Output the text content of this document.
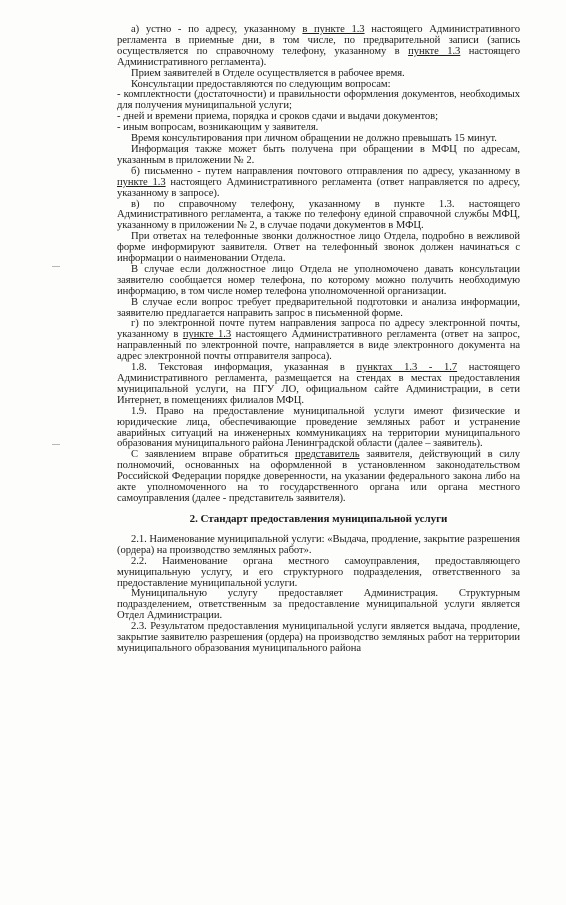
а) устно - по адресу, указанному в пункте 1.3 настоящего Административного регламента в приемные дни, в том числе, по предварительной записи (запись осуществляется по справочному телефону, указанному в пункте 1.3 настоящего Административного регламента).

Прием заявителей в Отделе осуществляется в рабочее время.

Консультации предоставляются по следующим вопросам:

- комплектности (достаточности) и правильности оформления документов, необходимых для получения муниципальной услуги;

- дней и времени приема, порядка и сроков сдачи и выдачи документов;

- иным вопросам, возникающим у заявителя.

Время консультирования при личном обращении не должно превышать 15 минут.

Информация также может быть получена при обращении в МФЦ по адресам, указанным в приложении № 2.

б) письменно - путем направления почтового отправления по адресу, указанному в пункте 1.3 настоящего Административного регламента (ответ направляется по адресу, указанному в запросе).

в) по справочному телефону, указанному в пункте 1.3. настоящего Административного регламента, а также по телефону единой справочной службы МФЦ, указанному в приложении № 2, в случае подачи документов в МФЦ.

При ответах на телефонные звонки должностное лицо Отдела, подробно в вежливой форме информируют заявителя. Ответ на телефонный звонок должен начинаться с информации о наименовании Отдела.

В случае если должностное лицо Отдела не уполномочено давать консультации заявителю сообщается номер телефона, по которому можно получить необходимую информацию, в том числе номер телефона уполномоченной организации.

В случае если вопрос требует предварительной подготовки и анализа информации, заявителю предлагается направить запрос в письменной форме.

г) по электронной почте путем направления запроса по адресу электронной почты, указанному в пункте 1.3 настоящего Административного регламента (ответ на запрос, направленный по электронной почте, направляется в виде электронного документа на адрес электронной почты отправителя запроса).

1.8. Текстовая информация, указанная в пунктах 1.3 - 1.7 настоящего Административного регламента, размещается на стендах в местах предоставления муниципальной услуги, на ПГУ ЛО, официальном сайте Администрации, в сети Интернет, в помещениях филиалов МФЦ.

1.9. Право на предоставление муниципальной услуги имеют физические и юридические лица, обеспечивающие проведение земляных работ и устранение аварийных ситуаций на инженерных коммуникациях на территории муниципального образования муниципального района Ленинградской области (далее – заявитель).

С заявлением вправе обратиться представитель заявителя, действующий в силу полномочий, основанных на оформленной в установленном законодательством Российской Федерации порядке доверенности, на указании федерального закона либо на акте уполномоченного на то государственного органа или органа местного самоуправления (далее - представитель заявителя).

2. Стандарт предоставления муниципальной услуги

2.1. Наименование муниципальной услуги: «Выдача, продление, закрытие разрешения (ордера) на производство земляных работ».

2.2. Наименование органа местного самоуправления, предоставляющего муниципальную услугу, и его структурного подразделения, ответственного за предоставление муниципальной услуги.

Муниципальную услугу предоставляет Администрация. Структурным подразделением, ответственным за предоставление муниципальной услуги является Отдел Администрации.

2.3. Результатом предоставления муниципальной услуги является выдача, продление, закрытие заявителю разрешения (ордера) на производство земляных работ на территории муниципального образования муниципального района
